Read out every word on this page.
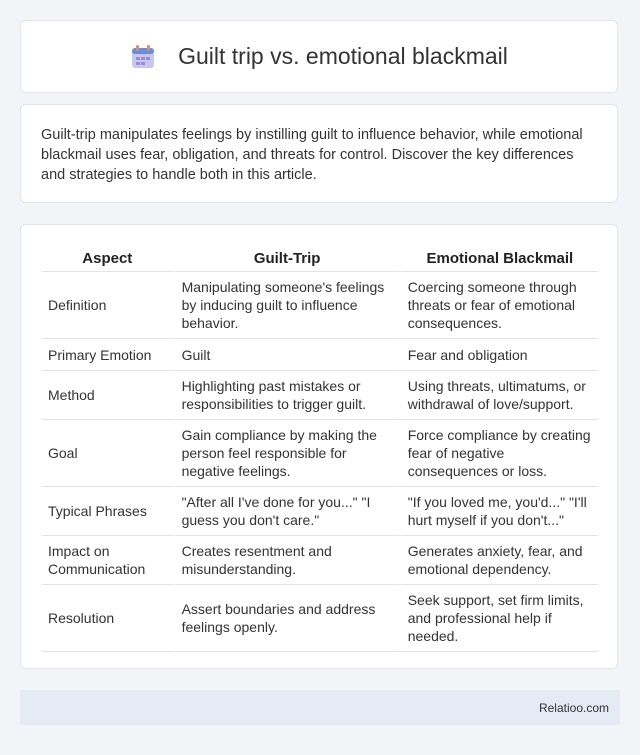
Guilt trip vs. emotional blackmail
Guilt-trip manipulates feelings by instilling guilt to influence behavior, while emotional blackmail uses fear, obligation, and threats for control. Discover the key differences and strategies to handle both in this article.
Aspect	Guilt-Trip	Emotional Blackmail
Definition	Manipulating someone's feelings by inducing guilt to influence behavior.	Coercing someone through threats or fear of emotional consequences.
Primary Emotion	Guilt	Fear and obligation
Method	Highlighting past mistakes or responsibilities to trigger guilt.	Using threats, ultimatums, or withdrawal of love/support.
Goal	Gain compliance by making the person feel responsible for negative feelings.	Force compliance by creating fear of negative consequences or loss.
Typical Phrases	"After all I've done for you..." "I guess you don't care."	"If you loved me, you'd..." "I'll hurt myself if you don't..."
Impact on Communication	Creates resentment and misunderstanding.	Generates anxiety, fear, and emotional dependency.
Resolution	Assert boundaries and address feelings openly.	Seek support, set firm limits, and professional help if needed.
Relatioo.com
